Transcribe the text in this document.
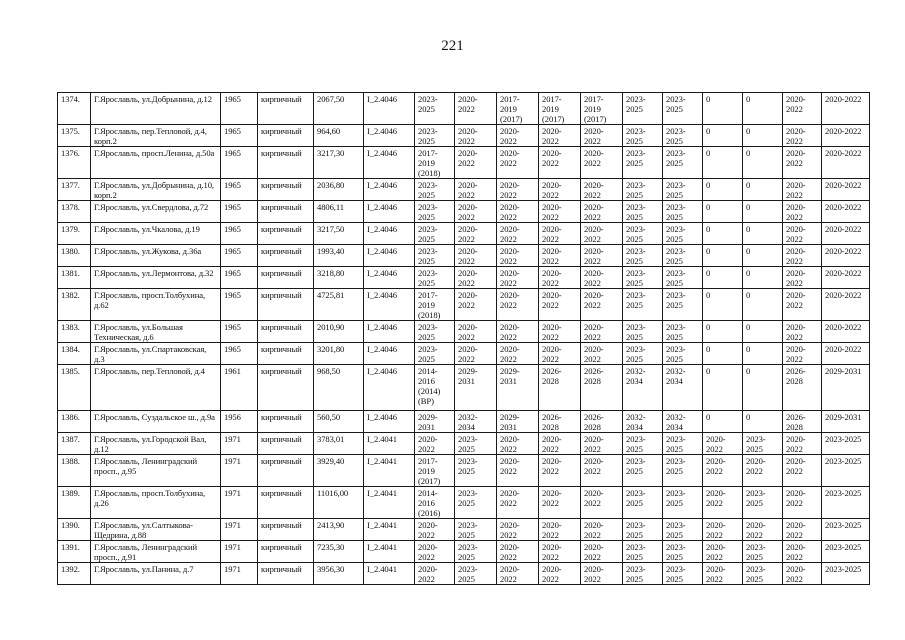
221
1374.	Г.Ярославль, ул.Добрынина, д.12	1965	кирпичный	2067,50	I_2.4046	2023-2025	2020-2022	2017-2019 (2017)	2017-2019 (2017)	2017-2019 (2017)	2023-2025	2023-2025	0	0	2020-2022	2020-2022
1375.	Г.Ярославль, пер.Тепловой, д.4, корп.2	1965	кирпичный	964,60	I_2.4046	2023-2025	2020-2022	2020-2022	2020-2022	2020-2022	2023-2025	2023-2025	0	0	2020-2022	2020-2022
1376.	Г.Ярославль, просп.Ленина, д.50а	1965	кирпичный	3217,30	I_2.4046	2017-2019 (2018)	2020-2022	2020-2022	2020-2022	2020-2022	2023-2025	2023-2025	0	0	2020-2022	2020-2022
1377.	Г.Ярославль, ул.Добрынина, д.10, корп.2	1965	кирпичный	2036,80	I_2.4046	2023-2025	2020-2022	2020-2022	2020-2022	2020-2022	2023-2025	2023-2025	0	0	2020-2022	2020-2022
1378.	Г.Ярославль, ул.Свердлова, д.72	1965	кирпичный	4806,11	I_2.4046	2023-2025	2020-2022	2020-2022	2020-2022	2020-2022	2023-2025	2023-2025	0	0	2020-2022	2020-2022
1379.	Г.Ярославль, ул.Чкалова, д.19	1965	кирпичный	3217,50	I_2.4046	2023-2025	2020-2022	2020-2022	2020-2022	2020-2022	2023-2025	2023-2025	0	0	2020-2022	2020-2022
1380.	Г.Ярославль, ул.Жукова, д.36а	1965	кирпичный	1993,40	I_2.4046	2023-2025	2020-2022	2020-2022	2020-2022	2020-2022	2023-2025	2023-2025	0	0	2020-2022	2020-2022
1381.	Г.Ярославль, ул.Лермонтова, д.32	1965	кирпичный	3218,80	I_2.4046	2023-2025	2020-2022	2020-2022	2020-2022	2020-2022	2023-2025	2023-2025	0	0	2020-2022	2020-2022
1382.	Г.Ярославль, просп.Толбухина, д.62	1965	кирпичный	4725,81	I_2.4046	2017-2019 (2018)	2020-2022	2020-2022	2020-2022	2020-2022	2023-2025	2023-2025	0	0	2020-2022	2020-2022
1383.	Г.Ярославль, ул.Большая Техническая, д.6	1965	кирпичный	2010,90	I_2.4046	2023-2025	2020-2022	2020-2022	2020-2022	2020-2022	2023-2025	2023-2025	0	0	2020-2022	2020-2022
1384.	Г.Ярославль, ул.Спартаковская, д.3	1965	кирпичный	3201,80	I_2.4046	2023-2025	2020-2022	2020-2022	2020-2022	2020-2022	2023-2025	2023-2025	0	0	2020-2022	2020-2022
1385.	Г.Ярославль, пер.Тепловой, д.4	1961	кирпичный	968,50	I_2.4046	2014-2016 (2014) (ВР)	2029-2031	2029-2031	2026-2028	2026-2028	2032-2034	2032-2034	0	0	2026-2028	2029-2031
1386.	Г.Ярославль, Суздальское ш., д.9а	1956	кирпичный	560,50	I_2.4046	2029-2031	2032-2034	2029-2031	2026-2028	2026-2028	2032-2034	2032-2034	0	0	2026-2028	2029-2031
1387.	Г.Ярославль, ул.Городской Вал, д.12	1971	кирпичный	3783,01	I_2.4041	2020-2022	2023-2025	2020-2022	2020-2022	2020-2022	2023-2025	2023-2025	2020-2022	2023-2025	2020-2022	2023-2025
1388.	Г.Ярославль, Ленинградский просп., д.95	1971	кирпичный	3929,40	I_2.4041	2017-2019 (2017)	2023-2025	2020-2022	2020-2022	2020-2022	2023-2025	2023-2025	2020-2022	2020-2022	2020-2022	2023-2025
1389.	Г.Ярославль, просп.Толбухина, д.26	1971	кирпичный	11016,00	I_2.4041	2014-2016 (2016)	2023-2025	2020-2022	2020-2022	2020-2022	2023-2025	2023-2025	2020-2022	2023-2025	2020-2022	2023-2025
1390.	Г.Ярославль, ул.Салтыкова-Щедрина, д.88	1971	кирпичный	2413,90	I_2.4041	2020-2022	2023-2025	2020-2022	2020-2022	2020-2022	2023-2025	2023-2025	2020-2022	2020-2022	2020-2022	2023-2025
1391.	Г.Ярославль, Ленинградский просп., д.91	1971	кирпичный	7235,30	I_2.4041	2020-2022	2023-2025	2020-2022	2020-2022	2020-2022	2023-2025	2023-2025	2020-2022	2023-2025	2020-2022	2023-2025
1392.	Г.Ярославль, ул.Панина, д.7	1971	кирпичный	3956,30	I_2.4041	2020-2022	2023-2025	2020-2022	2020-2022	2020-2022	2023-2025	2023-2025	2020-2022	2023-2025	2020-2022	2023-2025
